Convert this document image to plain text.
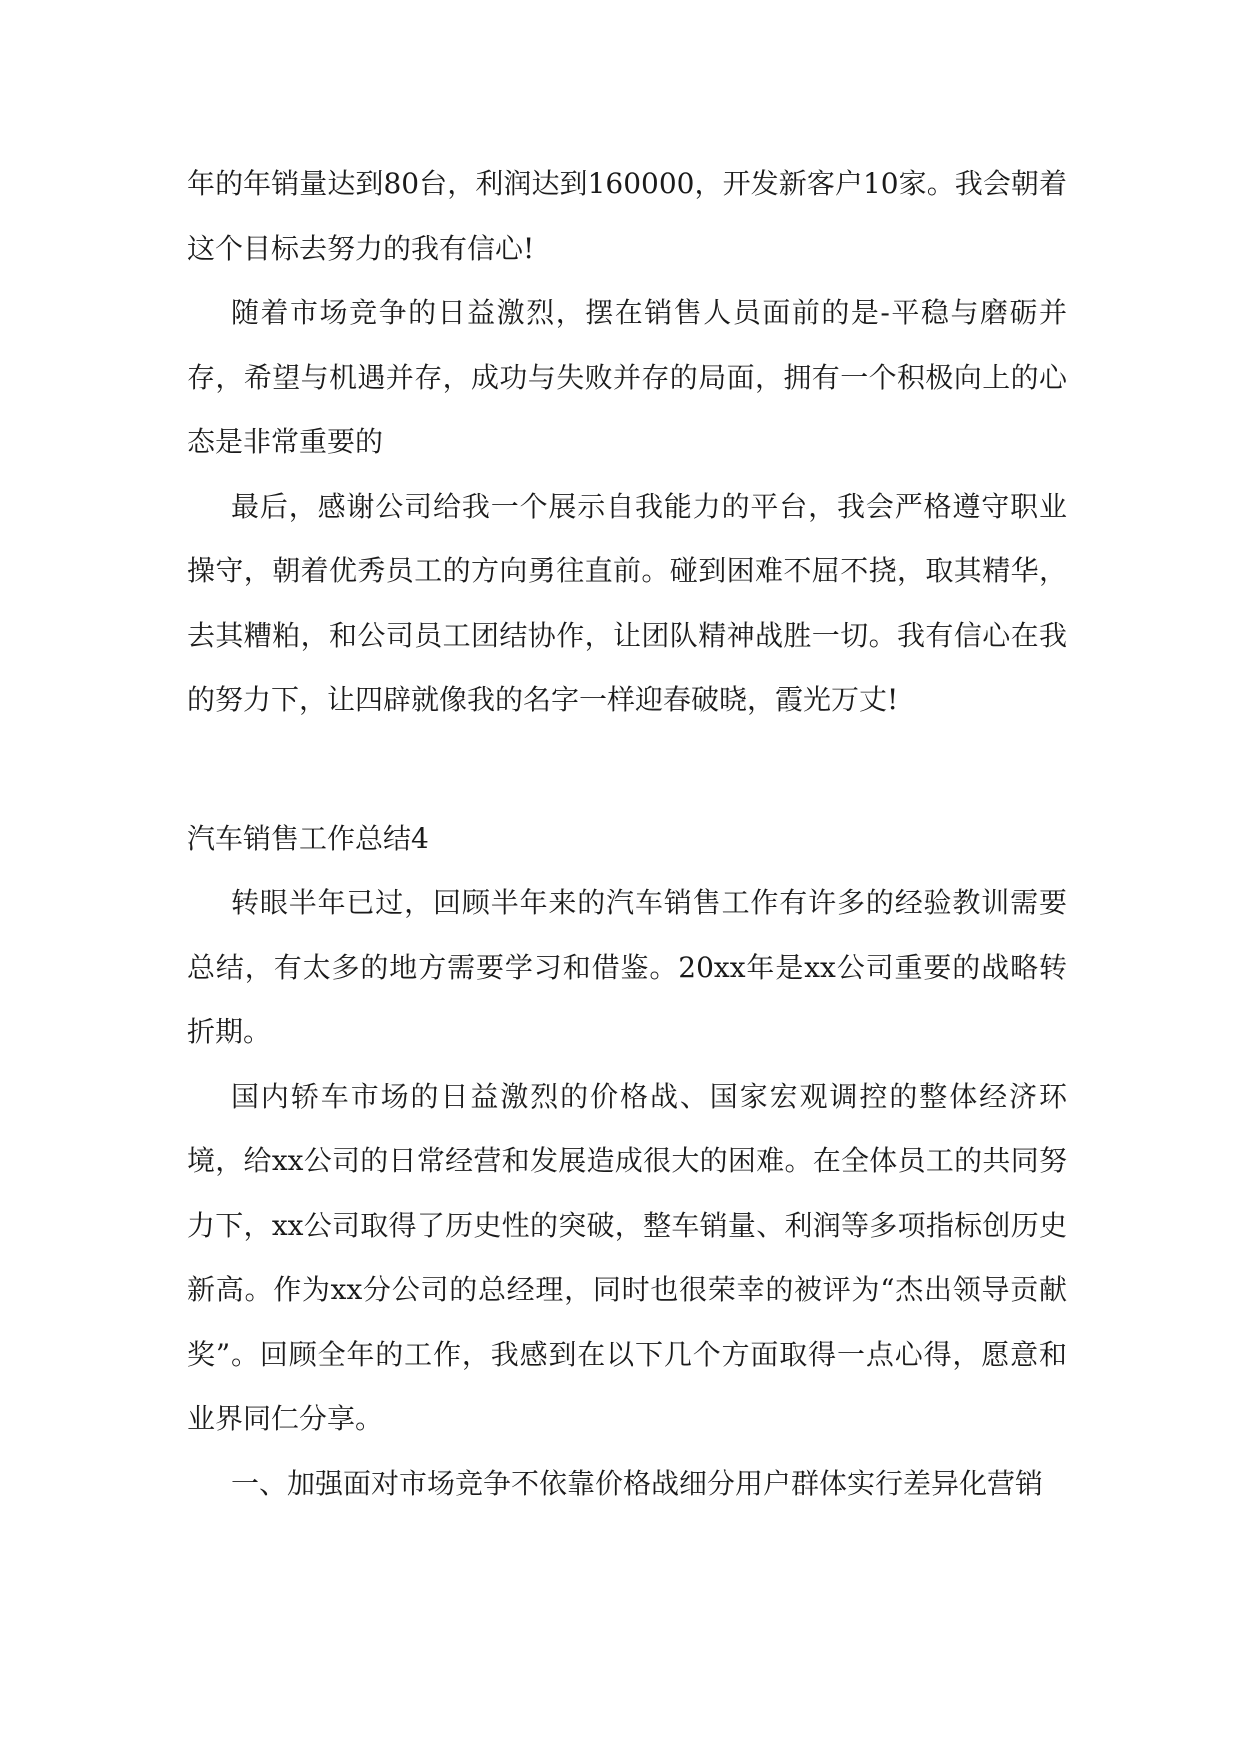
年的年销量达到80台，利润达到160000，开发新客户10家。我会朝着这个目标去努力的我有信心!

随着市场竞争的日益激烈，摆在销售人员面前的是-平稳与磨砺并存，希望与机遇并存，成功与失败并存的局面，拥有一个积极向上的心态是非常重要的

最后，感谢公司给我一个展示自我能力的平台，我会严格遵守职业操守，朝着优秀员工的方向勇往直前。碰到困难不屈不挠，取其精华，去其糟粕，和公司员工团结协作，让团队精神战胜一切。我有信心在我的努力下，让四辟就像我的名字一样迎春破晓，霞光万丈!

汽车销售工作总结4

转眼半年已过，回顾半年来的汽车销售工作有许多的经验教训需要总结，有太多的地方需要学习和借鉴。20xx年是xx公司重要的战略转折期。

国内轿车市场的日益激烈的价格战、国家宏观调控的整体经济环境，给xx公司的日常经营和发展造成很大的困难。在全体员工的共同努力下，xx公司取得了历史性的突破，整车销量、利润等多项指标创历史新高。作为xx分公司的总经理，同时也很荣幸的被评为“杰出领导贡献奖”。回顾全年的工作，我感到在以下几个方面取得一点心得，愿意和业界同仁分享。

一、加强面对市场竞争不依靠价格战细分用户群体实行差异化营销
